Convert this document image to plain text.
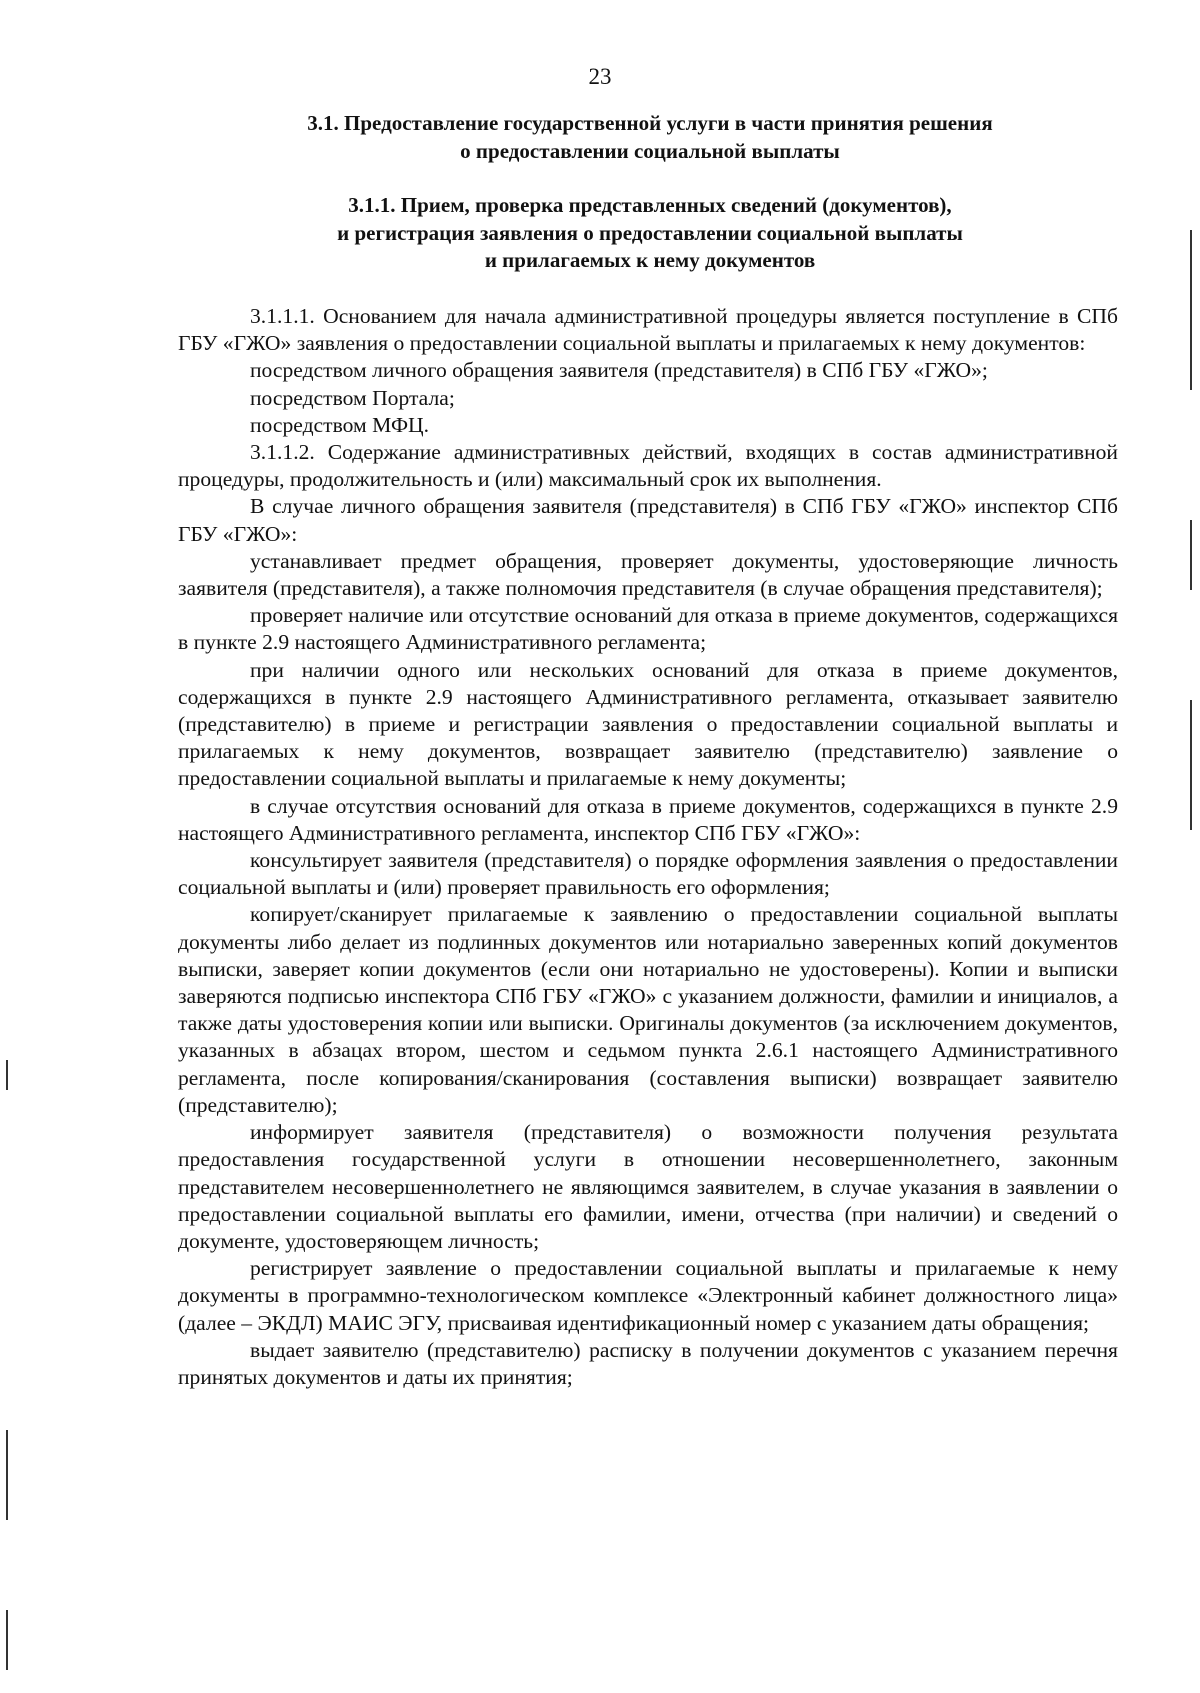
23
3.1. Предоставление государственной услуги в части принятия решения
о предоставлении социальной выплаты
3.1.1. Прием, проверка представленных сведений (документов),
и регистрация заявления о предоставлении социальной выплаты
и прилагаемых к нему документов

3.1.1.1. Основанием для начала административной процедуры является поступление в СПб ГБУ «ГЖО» заявления о предоставлении социальной выплаты и прилагаемых к нему документов:

посредством личного обращения заявителя (представителя) в СПб ГБУ «ГЖО»;

посредством Портала;

посредством МФЦ.

3.1.1.2. Содержание административных действий, входящих в состав административной процедуры, продолжительность и (или) максимальный срок их выполнения.

В случае личного обращения заявителя (представителя) в СПб ГБУ «ГЖО» инспектор СПб ГБУ «ГЖО»:

устанавливает предмет обращения, проверяет документы, удостоверяющие личность заявителя (представителя), а также полномочия представителя (в случае обращения представителя);

проверяет наличие или отсутствие оснований для отказа в приеме документов, содержащихся в пункте 2.9 настоящего Административного регламента;

при наличии одного или нескольких оснований для отказа в приеме документов, содержащихся в пункте 2.9 настоящего Административного регламента, отказывает заявителю (представителю) в приеме и регистрации заявления о предоставлении социальной выплаты и прилагаемых к нему документов, возвращает заявителю (представителю) заявление о предоставлении социальной выплаты и прилагаемые к нему документы;

в случае отсутствия оснований для отказа в приеме документов, содержащихся в пункте 2.9 настоящего Административного регламента, инспектор СПб ГБУ «ГЖО»:

консультирует заявителя (представителя) о порядке оформления заявления о предоставлении социальной выплаты и (или) проверяет правильность его оформления;

копирует/сканирует прилагаемые к заявлению о предоставлении социальной выплаты документы либо делает из подлинных документов или нотариально заверенных копий документов выписки, заверяет копии документов (если они нотариально не удостоверены). Копии и выписки заверяются подписью инспектора СПб ГБУ «ГЖО» с указанием должности, фамилии и инициалов, а также даты удостоверения копии или выписки. Оригиналы документов (за исключением документов, указанных в абзацах втором, шестом и седьмом пункта 2.6.1 настоящего Административного регламента, после копирования/сканирования (составления выписки) возвращает заявителю (представителю);

информирует заявителя (представителя) о возможности получения результата предоставления государственной услуги в отношении несовершеннолетнего, законным представителем несовершеннолетнего не являющимся заявителем, в случае указания в заявлении о предоставлении социальной выплаты его фамилии, имени, отчества (при наличии) и сведений о документе, удостоверяющем личность;

регистрирует заявление о предоставлении социальной выплаты и прилагаемые к нему документы в программно-технологическом комплексе «Электронный кабинет должностного лица» (далее – ЭКДЛ) МАИС ЭГУ, присваивая идентификационный номер с указанием даты обращения;

выдает заявителю (представителю) расписку в получении документов с указанием перечня принятых документов и даты их принятия;
